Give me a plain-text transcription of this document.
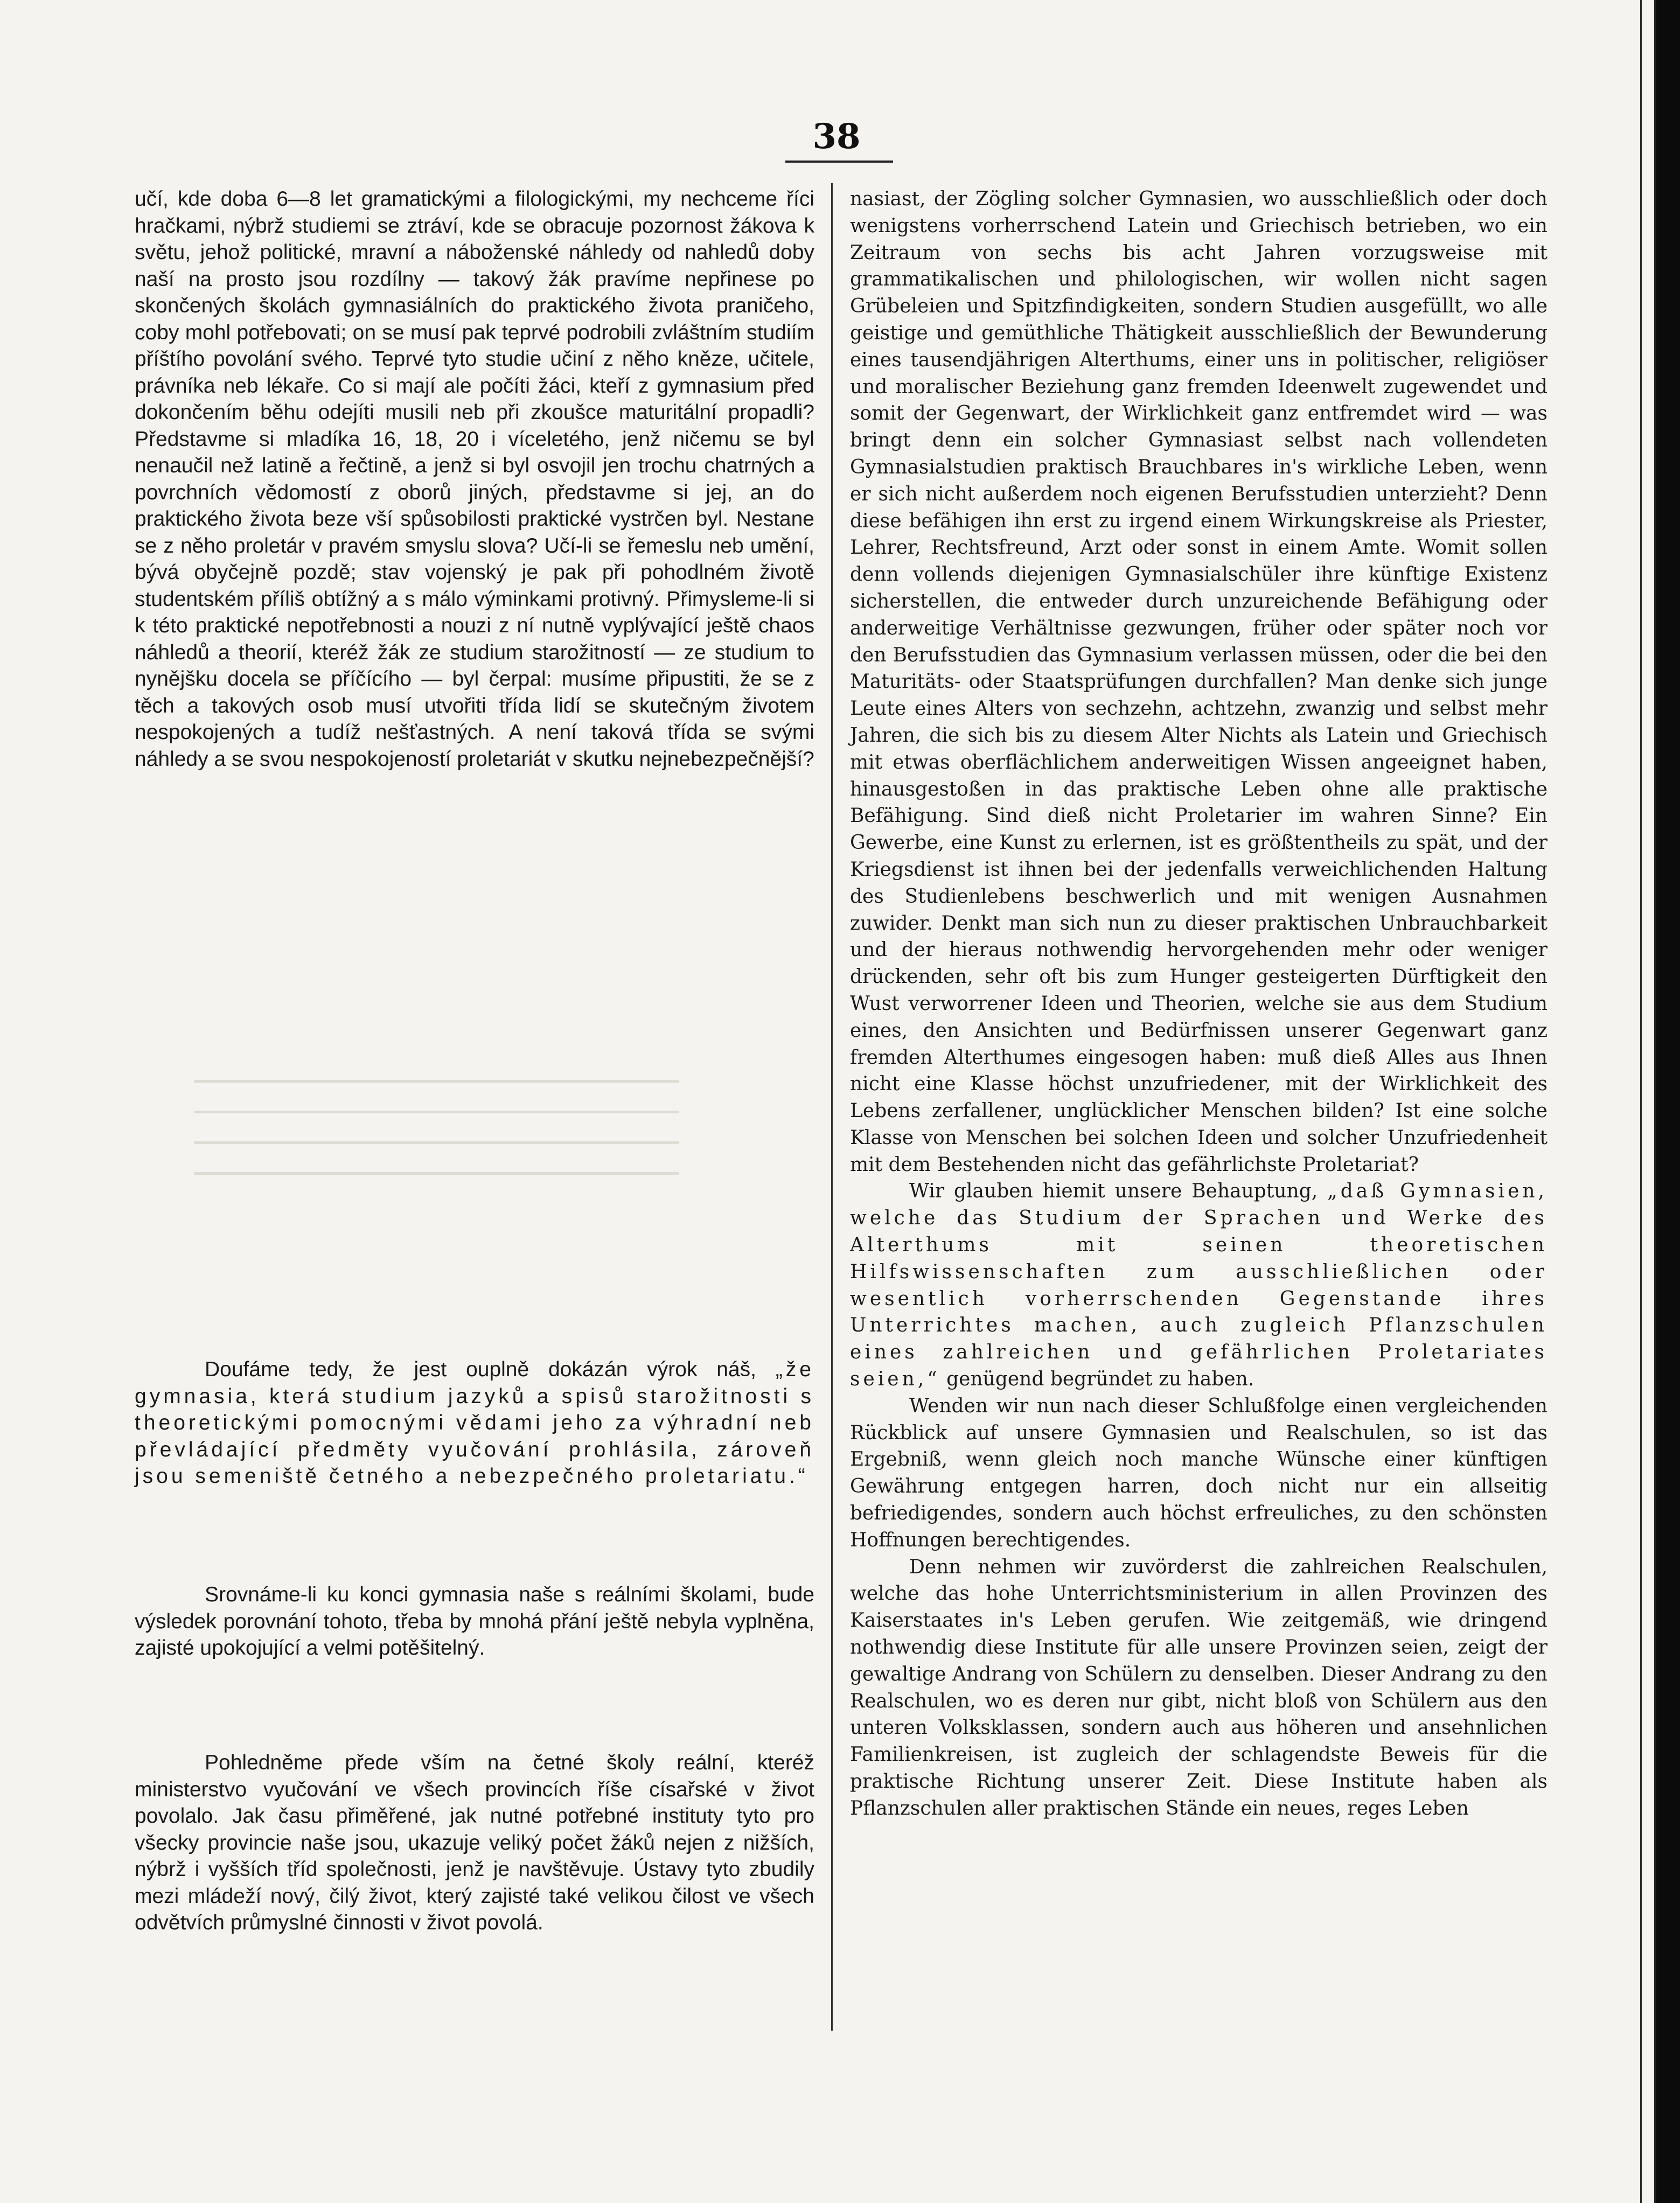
38

učí, kde doba 6—8 let gramatickými a filologickými, my nechceme říci hračkami, nýbrž studiemi se ztráví, kde se obracuje pozornost žákova k světu, jehož politické, mravní a náboženské náhledy od nahledů doby naší na prosto jsou rozdílny — takový žák pravíme nepřinese po skončených školách gymnasiálních do praktického života praničeho, coby mohl potřebovati; on se musí pak teprvé podrobili zvláštním studiím příštího povolání svého. Teprvé tyto studie učiní z něho kněze, učitele, právníka neb lékaře. Co si mají ale počíti žáci, kteří z gymnasium před dokončením běhu odejíti musili neb při zkoušce maturitální propadli? Představme si mladíka 16, 18, 20 i víceletého, jenž ničemu se byl nenaučil než latině a řečtině, a jenž si byl osvojil jen trochu chatrných a povrchních vědomostí z oborů jiných, představme si jej, an do praktického života beze vší spůsobilosti praktické vystrčen byl. Nestane se z něho proletár v pravém smyslu slova? Učí-li se řemeslu neb umění, bývá obyčejně pozdě; stav vojenský je pak při pohodlném životě studentském příliš obtížný a s málo výminkami protivný. Přimysleme-li si k této praktické nepotřebnosti a nouzi z ní nutně vyplývající ještě chaos náhledů a theorií, kteréž žák ze studium starožitností — ze studium to nynějšku docela se příčícího — byl čerpal: musíme připustiti, že se z těch a takových osob musí utvořiti třída lidí se skutečným životem nespokojených a tudíž nešťastných. A není taková třída se svými náhledy a se svou nespokojeností proletariát v skutku nejnebezpečnější?

Doufáme tedy, že jest ouplně dokázán výrok náš, „že gymnasia, která studium jazyků a spisů starožitnosti s theoretickými pomocnými vědami jeho za výhradní neb převládající předměty vyučování prohlásila, zároveň jsou semeniště četného a nebezpečného proletariatu.“

Srovnáme-li ku konci gymnasia naše s reálními školami, bude výsledek porovnání tohoto, třeba by mnohá přání ještě nebyla vyplněna, zajisté upokojující a velmi potěšitelný.

Pohledněme přede vším na četné školy reální, kteréž ministerstvo vyučování ve všech provincích říše císařské v život povolalo. Jak času přiměřené, jak nutné potřebné instituty tyto pro všecky provincie naše jsou, ukazuje veliký počet žáků nejen z nižších, nýbrž i vyšších tříd společnosti, jenž je navštěvuje. Ústavy tyto zbudily mezi mládeží nový, čilý život, který zajisté také velikou čilost ve všech odvětvích průmyslné činnosti v život povolá.

nasiast, der Zögling solcher Gymnasien, wo ausschließlich oder doch wenigstens vorherrschend Latein und Griechisch betrieben, wo ein Zeitraum von sechs bis acht Jahren vorzugsweise mit grammatikalischen und philologischen, wir wollen nicht sagen Grübeleien und Spitzfindigkeiten, sondern Studien ausgefüllt, wo alle geistige und gemüthliche Thätigkeit ausschließlich der Bewunderung eines tausendjährigen Alterthums, einer uns in politischer, religiöser und moralischer Beziehung ganz fremden Ideenwelt zugewendet und somit der Gegenwart, der Wirklichkeit ganz entfremdet wird — was bringt denn ein solcher Gymnasiast selbst nach vollendeten Gymnasialstudien praktisch Brauchbares in's wirkliche Leben, wenn er sich nicht außerdem noch eigenen Berufsstudien unterzieht? Denn diese befähigen ihn erst zu irgend einem Wirkungskreise als Priester, Lehrer, Rechtsfreund, Arzt oder sonst in einem Amte. Womit sollen denn vollends diejenigen Gymnasialschüler ihre künftige Existenz sicherstellen, die entweder durch unzureichende Befähigung oder anderweitige Verhältnisse gezwungen, früher oder später noch vor den Berufsstudien das Gymnasium verlassen müssen, oder die bei den Maturitäts- oder Staatsprüfungen durchfallen? Man denke sich junge Leute eines Alters von sechzehn, achtzehn, zwanzig und selbst mehr Jahren, die sich bis zu diesem Alter Nichts als Latein und Griechisch mit etwas oberflächlichem anderweitigen Wissen angeeignet haben, hinausgestoßen in das praktische Leben ohne alle praktische Befähigung. Sind dieß nicht Proletarier im wahren Sinne? Ein Gewerbe, eine Kunst zu erlernen, ist es größtentheils zu spät, und der Kriegsdienst ist ihnen bei der jedenfalls verweichlichenden Haltung des Studienlebens beschwerlich und mit wenigen Ausnahmen zuwider. Denkt man sich nun zu dieser praktischen Unbrauchbarkeit und der hieraus nothwendig hervorgehenden mehr oder weniger drückenden, sehr oft bis zum Hunger gesteigerten Dürftigkeit den Wust verworrener Ideen und Theorien, welche sie aus dem Studium eines, den Ansichten und Bedürfnissen unserer Gegenwart ganz fremden Alterthumes eingesogen haben: muß dieß Alles aus Ihnen nicht eine Klasse höchst unzufriedener, mit der Wirklichkeit des Lebens zerfallener, unglücklicher Menschen bilden? Ist eine solche Klasse von Menschen bei solchen Ideen und solcher Unzufriedenheit mit dem Bestehenden nicht das gefährlichste Proletariat?

Wir glauben hiemit unsere Behauptung, „daß Gymnasien, welche das Studium der Sprachen und Werke des Alterthums mit seinen theoretischen Hilfswissenschaften zum ausschließlichen oder wesentlich vorherrschenden Gegenstande ihres Unterrichtes machen, auch zugleich Pflanzschulen eines zahlreichen und gefährlichen Proletariates seien,“ genügend begründet zu haben.

Wenden wir nun nach dieser Schlußfolge einen vergleichenden Rückblick auf unsere Gymnasien und Realschulen, so ist das Ergebniß, wenn gleich noch manche Wünsche einer künftigen Gewährung entgegen harren, doch nicht nur ein allseitig befriedigendes, sondern auch höchst erfreuliches, zu den schönsten Hoffnungen berechtigendes.

Denn nehmen wir zuvörderst die zahlreichen Realschulen, welche das hohe Unterrichtsministerium in allen Provinzen des Kaiserstaates in's Leben gerufen. Wie zeitgemäß, wie dringend nothwendig diese Institute für alle unsere Provinzen seien, zeigt der gewaltige Andrang von Schülern zu denselben. Dieser Andrang zu den Realschulen, wo es deren nur gibt, nicht bloß von Schülern aus den unteren Volksklassen, sondern auch aus höheren und ansehnlichen Familienkreisen, ist zugleich der schlagendste Beweis für die praktische Richtung unserer Zeit. Diese Institute haben als Pflanzschulen aller praktischen Stände ein neues, reges Leben
